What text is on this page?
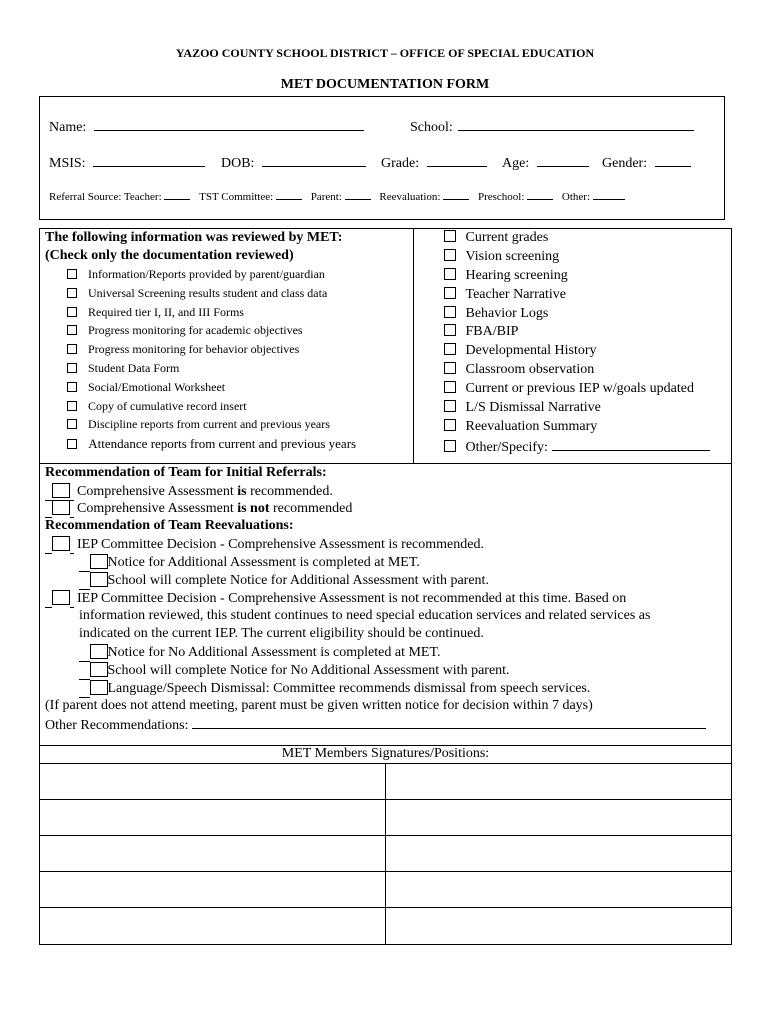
YAZOO COUNTY SCHOOL DISTRICT – OFFICE OF SPECIAL EDUCATION
MET DOCUMENTATION FORM
Name:	School:
MSIS:	DOB:	Grade:	Age:	Gender:
Referral Source: Teacher:	TST Committee:	Parent:	Reevaluation:	Preschool:	Other:
The following information was reviewed by MET:
(Check only the documentation reviewed)
Information/Reports provided by parent/guardian
Universal Screening results student and class data
Required tier I, II, and III Forms
Progress monitoring for academic objectives
Progress monitoring for behavior objectives
Student Data Form
Social/Emotional Worksheet
Copy of cumulative record insert
Discipline reports from current and previous years
Attendance reports from current and previous years
Current grades
Vision screening
Hearing screening
Teacher Narrative
Behavior Logs
FBA/BIP
Developmental History
Classroom observation
Current or previous IEP w/goals updated
L/S Dismissal Narrative
Reevaluation Summary
Other/Specify:
Recommendation of Team for Initial Referrals:
Comprehensive Assessment is recommended.
Comprehensive Assessment is not recommended
Recommendation of Team Reevaluations:
IEP Committee Decision - Comprehensive Assessment is recommended.
Notice for Additional Assessment is completed at MET.
School will complete Notice for Additional Assessment with parent.
IEP Committee Decision - Comprehensive Assessment is not recommended at this time. Based on
information reviewed, this student continues to need special education services and related services as
indicated on the current IEP. The current eligibility should be continued.
Notice for No Additional Assessment is completed at MET.
School will complete Notice for No Additional Assessment with parent.
Language/Speech Dismissal: Committee recommends dismissal from speech services.
(If parent does not attend meeting, parent must be given written notice for decision within 7 days)
Other Recommendations:
MET Members Signatures/Positions:
